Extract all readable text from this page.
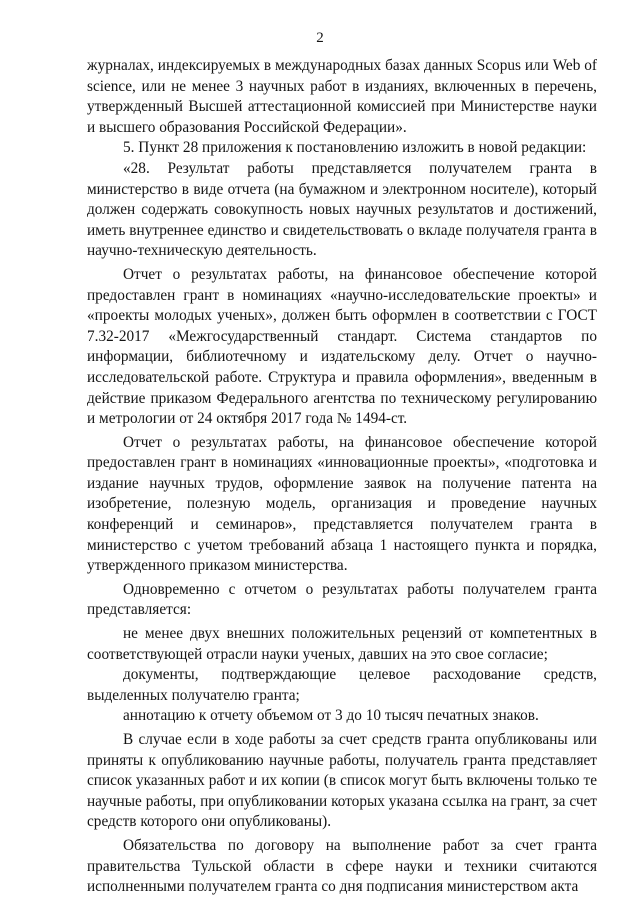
2

журналах, индексируемых в международных базах данных Scopus или Web of science, или не менее 3 научных работ в изданиях, включенных в перечень, утвержденный Высшей аттестационной комиссией при Министерстве науки и высшего образования Российской Федерации».

5. Пункт 28 приложения к постановлению изложить в новой редакции:

«28. Результат работы представляется получателем гранта в министерство в виде отчета (на бумажном и электронном носителе), который должен содержать совокупность новых научных результатов и достижений, иметь внутреннее единство и свидетельствовать о вкладе получателя гранта в научно-техническую деятельность.

Отчет о результатах работы, на финансовое обеспечение которой предоставлен грант в номинациях «научно-исследовательские проекты» и «проекты молодых ученых», должен быть оформлен в соответствии с ГОСТ 7.32-2017 «Межгосударственный стандарт. Система стандартов по информации, библиотечному и издательскому делу. Отчет о научно-исследовательской работе. Структура и правила оформления», введенным в действие приказом Федерального агентства по техническому регулированию и метрологии от 24 октября 2017 года № 1494-ст.

Отчет о результатах работы, на финансовое обеспечение которой предоставлен грант в номинациях «инновационные проекты», «подготовка и издание научных трудов, оформление заявок на получение патента на изобретение, полезную модель, организация и проведение научных конференций и семинаров», представляется получателем гранта в министерство с учетом требований абзаца 1 настоящего пункта и порядка, утвержденного приказом министерства.

Одновременно с отчетом о результатах работы получателем гранта представляется:

не менее двух внешних положительных рецензий от компетентных в соответствующей отрасли науки ученых, давших на это свое согласие;

документы, подтверждающие целевое расходование средств, выделенных получателю гранта;

аннотацию к отчету объемом от 3 до 10 тысяч печатных знаков.

В случае если в ходе работы за счет средств гранта опубликованы или приняты к опубликованию научные работы, получатель гранта представляет список указанных работ и их копии (в список могут быть включены только те научные работы, при опубликовании которых указана ссылка на грант, за счет средств которого они опубликованы).

Обязательства по договору на выполнение работ за счет гранта правительства Тульской области в сфере науки и техники считаются исполненными получателем гранта со дня подписания министерством акта
